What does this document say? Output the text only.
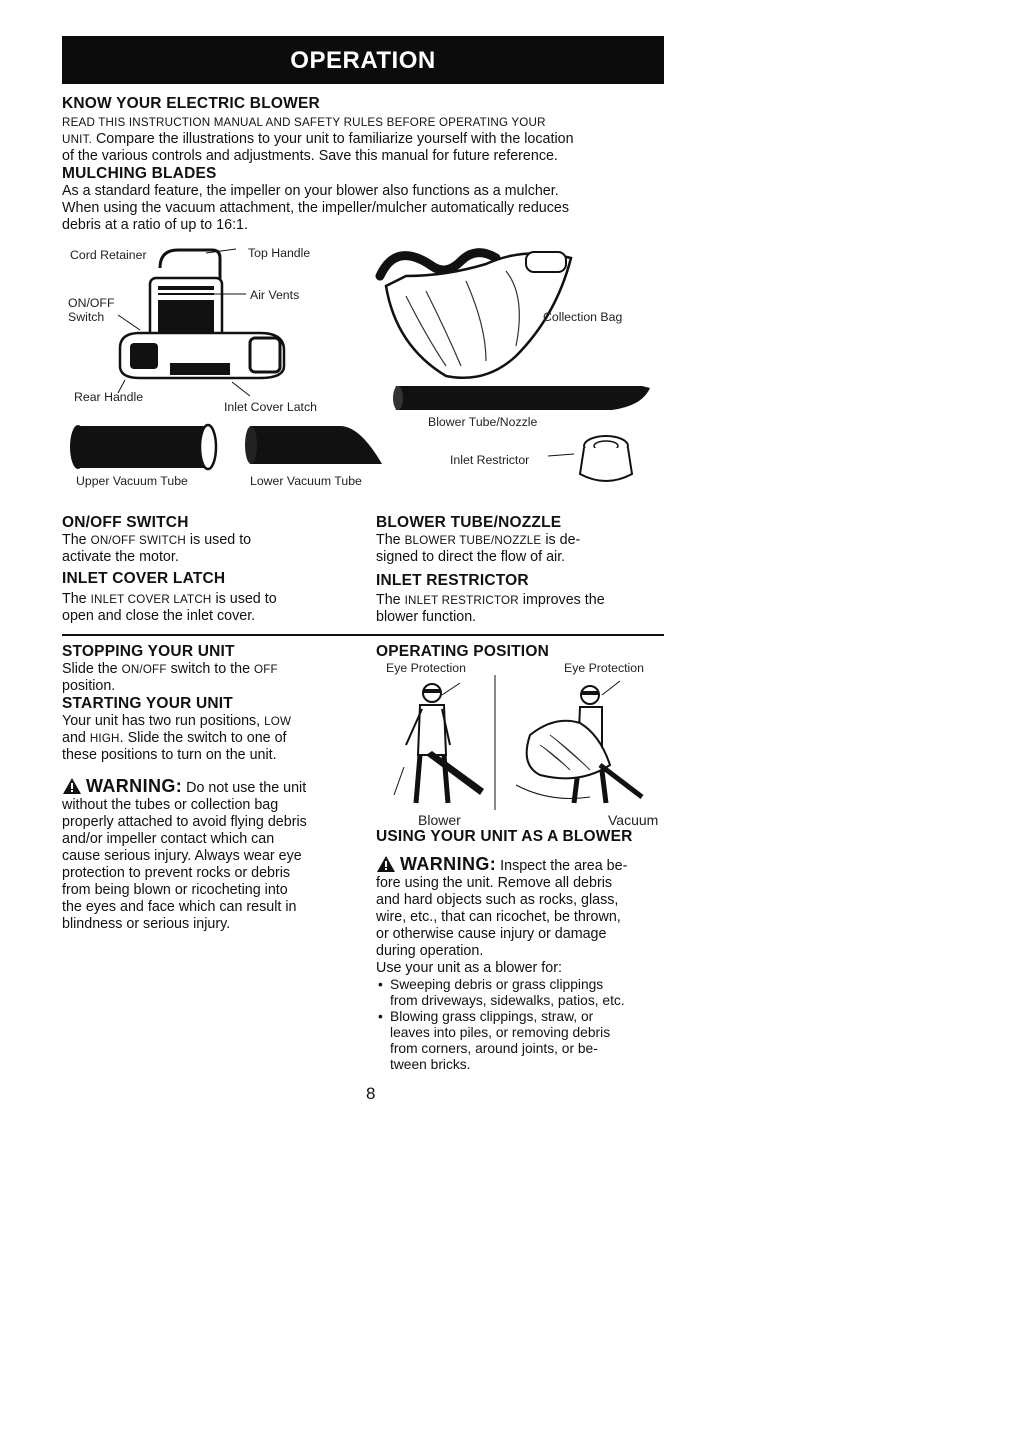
OPERATION
KNOW YOUR ELECTRIC BLOWER

READ THIS INSTRUCTION MANUAL AND SAFETY RULES BEFORE OPERATING YOUR

UNIT. Compare the illustrations to your unit to familiarize yourself with the location

of the various controls and adjustments. Save this manual for future reference.

MULCHING BLADES

As a standard feature, the impeller on your blower also functions as a mulcher.

When using the vacuum attachment, the impeller/mulcher automatically reduces

debris at a ratio of up to 16:1.

Cord Retainer	Top Handle
ON/OFF
Switch
Air Vents
Rear Handle
Inlet Cover Latch
Collection Bag
Blower Tube/Nozzle
Upper Vacuum Tube	Lower Vacuum Tube
Inlet Restrictor
ON/OFF SWITCH

The ON/OFF SWITCH is used to

activate the motor.

INLET COVER LATCH

The INLET COVER LATCH is used to

open and close the inlet cover.

BLOWER TUBE/NOZZLE

The BLOWER TUBE/NOZZLE is de-

signed to direct the flow of air.

INLET RESTRICTOR

The INLET RESTRICTOR improves the

blower function.

STOPPING YOUR UNIT

Slide the ON/OFF switch to the OFF

position.

STARTING YOUR UNIT

Your unit has two run positions, LOW

and HIGH. Slide the switch to one of

these positions to turn on the unit.

WARNING: Do not use the unit

without the tubes or collection bag

properly attached to avoid flying debris

and/or impeller contact which can

cause serious injury. Always wear eye

protection to prevent rocks or debris

from being blown or ricocheting into

the eyes and face which can result in

blindness or serious injury.

OPERATING POSITION
Eye Protection	Eye Protection
Blower	Vacuum
USING YOUR UNIT AS A BLOWER

WARNING: Inspect the area be-

fore using the unit. Remove all debris

and hard objects such as rocks, glass,

wire, etc., that can ricochet, be thrown,

or otherwise cause injury or damage

during operation.

Use your unit as a blower for:

• Sweeping debris or grass clippings
from driveways, sidewalks, patios, etc.
• Blowing grass clippings, straw, or
leaves into piles, or removing debris
from corners, around joints, or be-
tween bricks.
8
